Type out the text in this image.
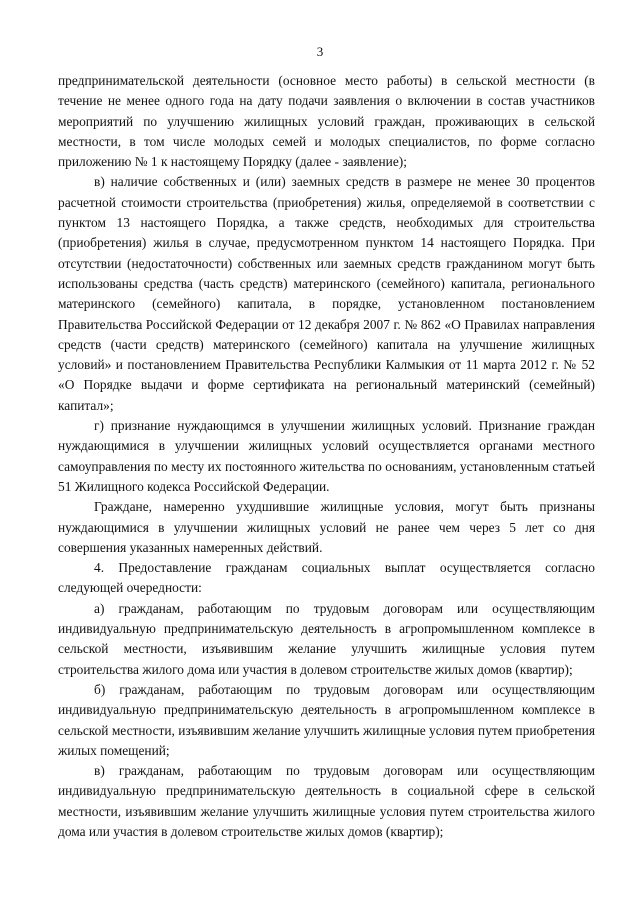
3

предпринимательской деятельности (основное место работы) в сельской местности (в течение не менее одного года на дату подачи заявления о включении в состав участников мероприятий по улучшению жилищных условий граждан, проживающих в сельской местности, в том числе молодых семей и молодых специалистов, по форме согласно приложению № 1 к настоящему Порядку (далее - заявление);

в) наличие собственных и (или) заемных средств в размере не менее 30 процентов расчетной стоимости строительства (приобретения) жилья, определяемой в соответствии с пунктом 13 настоящего Порядка, а также средств, необходимых для строительства (приобретения) жилья в случае, предусмотренном пунктом 14 настоящего Порядка. При отсутствии (недостаточности) собственных или заемных средств гражданином могут быть использованы средства (часть средств) материнского (семейного) капитала, регионального материнского (семейного) капитала, в порядке, установленном постановлением Правительства Российской Федерации от 12 декабря 2007 г. № 862 «О Правилах направления средств (части средств) материнского (семейного) капитала на улучшение жилищных условий» и постановлением Правительства Республики Калмыкия от 11 марта 2012 г. № 52 «О Порядке выдачи и форме сертификата на региональный материнский (семейный) капитал»;

г) признание нуждающимся в улучшении жилищных условий. Признание граждан нуждающимися в улучшении жилищных условий осуществляется органами местного самоуправления по месту их постоянного жительства по основаниям, установленным статьей 51 Жилищного кодекса Российской Федерации.

Граждане, намеренно ухудшившие жилищные условия, могут быть признаны нуждающимися в улучшении жилищных условий не ранее чем через 5 лет со дня совершения указанных намеренных действий.

4. Предоставление гражданам социальных выплат осуществляется согласно следующей очередности:

а) гражданам, работающим по трудовым договорам или осуществляющим индивидуальную предпринимательскую деятельность в агропромышленном комплексе в сельской местности, изъявившим желание улучшить жилищные условия путем строительства жилого дома или участия в долевом строительстве жилых домов (квартир);

б) гражданам, работающим по трудовым договорам или осуществляющим индивидуальную предпринимательскую деятельность в агропромышленном комплексе в сельской местности, изъявившим желание улучшить жилищные условия путем приобретения жилых помещений;

в) гражданам, работающим по трудовым договорам или осуществляющим индивидуальную предпринимательскую деятельность в социальной сфере в сельской местности, изъявившим желание улучшить жилищные условия путем строительства жилого дома или участия в долевом строительстве жилых домов (квартир);
